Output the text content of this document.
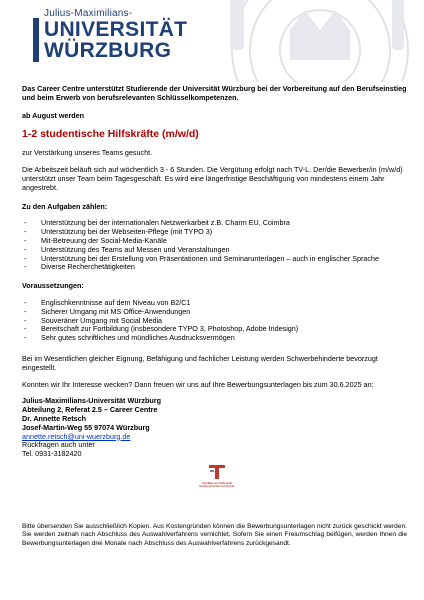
Julius-Maximilians-
UNIVERSITÄT
WÜRZBURG
Das Career Centre unterstützt Studierende der Universität Würzburg bei der Vorbereitung auf den Berufseinstieg und beim Erwerb von berufsrelevanten Schlüsselkompetenzen.
ab August werden
1-2 studentische Hilfskräfte (m/w/d)

zur Verstärkung unseres Teams gesucht.

Die Arbeitszeit beläuft sich auf wöchentlich 3 - 6 Stunden. Die Vergütung erfolgt nach TV-L. Der/die Bewerber/in (m/w/d) unterstützt unser Team beim Tagesgeschäft. Es wird eine längerfristige Beschäftigung von mindestens einem Jahr angestrebt.

Zu den Aufgaben zählen:
- Unterstützung bei der internationalen Netzwerkarbeit z.B. Charm EU, Coimbra
- Unterstützung bei der Webseiten-Pflege (mit TYPO 3)
- Mit-Betreuung der Social-Media-Kanäle
- Unterstützung des Teams auf Messen und Veranstaltungen
- Unterstützung bei der Erstellung von Präsentationen und Seminarunterlagen – auch in englischer Sprache
- Diverse Recherchetätigkeiten
Voraussetzungen:
- Englischkenntnisse auf dem Niveau von B2/C1
- Sicherer Umgang mit MS Office-Anwendungen
- Souveräner Umgang mit Social Media
- Bereitschaft zur Fortbildung (insbesondere TYPO 3, Photoshop, Adobe Indesign)
- Sehr gutes schriftliches und mündliches Ausdrucksvermögen

Bei im Wesentlichen gleicher Eignung, Befähigung und fachlicher Leistung werden Schwerbehinderte bevorzugt eingestellt.

Konnten wir Ihr Interesse wecken? Dann freuen wir uns auf Ihre Bewerbungsunterlagen bis zum 30.6.2025 an:

Julius-Maximilians-Universität Würzburg
Abteilung 2, Referat 2.5 – Career Centre
Dr. Annette Retsch
Josef-Martin-Weg 55 97074 Würzburg
annette.retsch@uni-wuerzburg.de
Rückfragen auch unter
Tel. 0931-3182420
Zertifikat seit 2009 audit familiengerechte hochschule
Bitte übersenden Sie ausschließlich Kopien. Aus Kostengründen können die Bewerbungsunterlagen nicht zurück geschickt werden. Sie werden zeitnah nach Abschluss des Auswahlverfahrens vernichtet. Sofern Sie einen Freiumschlag beifügen, werden Ihnen die Bewerbungsunterlagen drei Monate nach Abschluss des Auswahlverfahrens zurückgesandt.
